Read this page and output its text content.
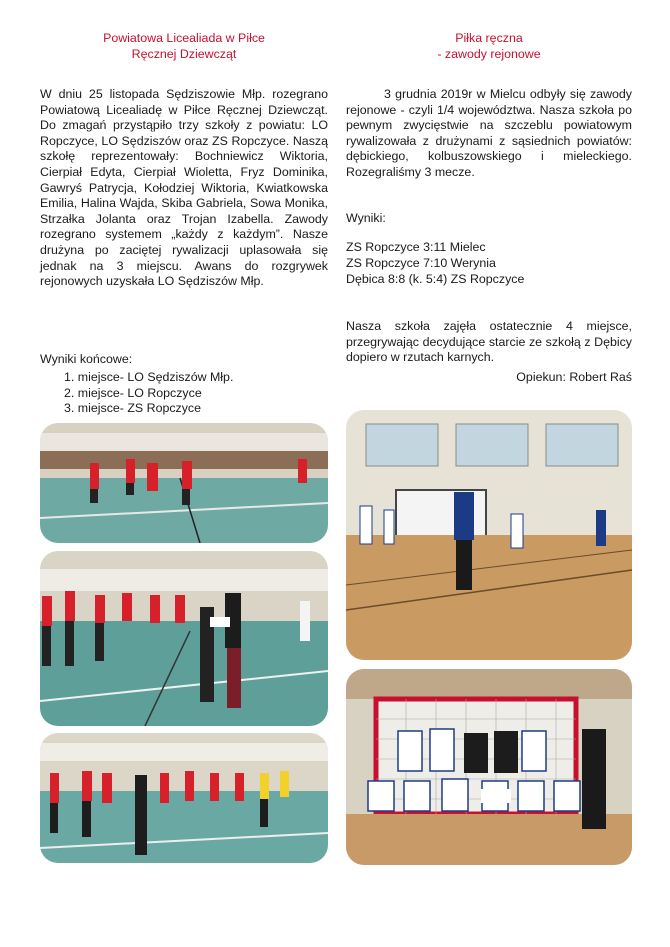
Powiatowa Licealiada w Piłce
Ręcznej Dziewcząt

W dniu 25 listopada Sędziszowie Młp. rozegrano Powiatową Licealiadę w Piłce Ręcznej Dziewcząt. Do zmagań przystąpiło trzy szkoły z powiatu: LO Ropczyce, LO Sędziszów oraz ZS Ropczyce. Naszą szkołę reprezentowały: Bochniewicz Wiktoria, Cierpiał Edyta, Cierpiał Wioletta, Fryz Dominika, Gawryś Patrycja, Kołodziej Wiktoria, Kwiatkowska Emilia, Halina Wajda, Skiba Gabriela, Sowa Monika, Strzałka Jolanta oraz Trojan Izabella. Zawody rozegrano systemem „każdy z każdym”. Nasze drużyna po zaciętej rywalizacji uplasowała się jednak na 3 miejscu. Awans do rozgrywek rejonowych uzyskała LO Sędziszów Młp.

Wyniki końcowe:
1. miejsce- LO Sędziszów Młp.
2. miejsce- LO Ropczyce
3. miejsce- ZS Ropczyce
Piłka ręczna
- zawody rejonowe

3 grudnia 2019r w Mielcu odbyły się zawody rejonowe - czyli 1/4 województwa. Nasza szkoła po pewnym zwycięstwie na szczeblu powiatowym rywalizowała z drużynami z sąsiednich powiatów: dębickiego, kolbuszowskiego i mieleckiego. Rozegraliśmy 3 mecze.

Wyniki:
ZS Ropczyce 3:11 Mielec
ZS Ropczyce 7:10 Werynia
Dębica 8:8 (k. 5:4) ZS Ropczyce

Nasza szkoła zajęła ostatecznie 4 miejsce, przegrywając decydujące starcie ze szkołą z Dębicy dopiero w rzutach karnych.

Opiekun: Robert Raś
